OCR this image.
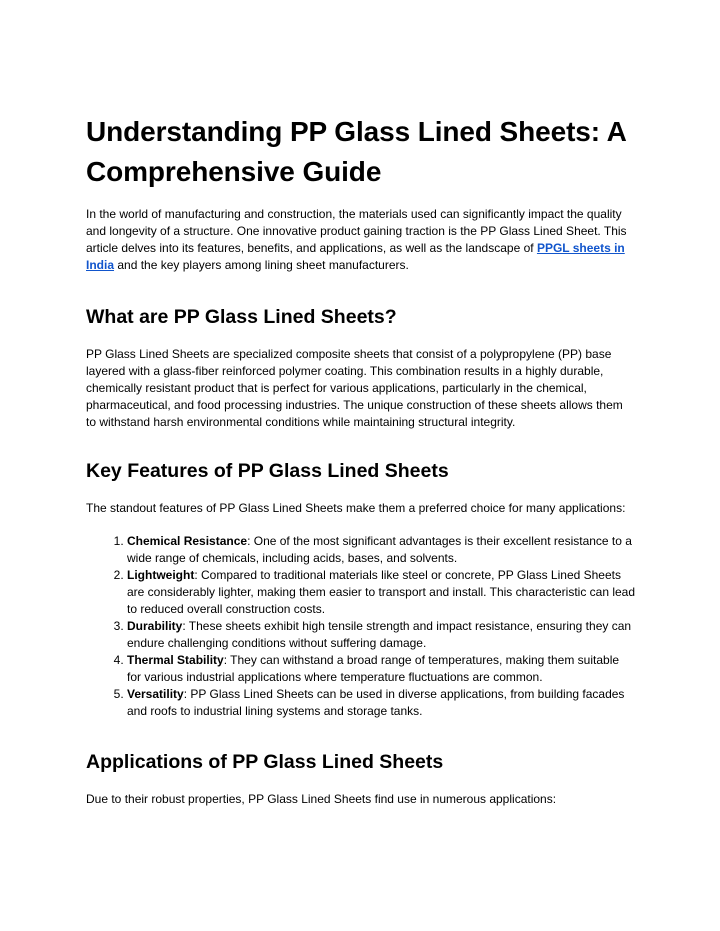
Understanding PP Glass Lined Sheets: A Comprehensive Guide

In the world of manufacturing and construction, the materials used can significantly impact the quality and longevity of a structure. One innovative product gaining traction is the PP Glass Lined Sheet. This article delves into its features, benefits, and applications, as well as the landscape of PPGL sheets in India and the key players among lining sheet manufacturers.

What are PP Glass Lined Sheets?

PP Glass Lined Sheets are specialized composite sheets that consist of a polypropylene (PP) base layered with a glass-fiber reinforced polymer coating. This combination results in a highly durable, chemically resistant product that is perfect for various applications, particularly in the chemical, pharmaceutical, and food processing industries. The unique construction of these sheets allows them to withstand harsh environmental conditions while maintaining structural integrity.

Key Features of PP Glass Lined Sheets

The standout features of PP Glass Lined Sheets make them a preferred choice for many applications:

1. Chemical Resistance: One of the most significant advantages is their excellent resistance to a wide range of chemicals, including acids, bases, and solvents.
2. Lightweight: Compared to traditional materials like steel or concrete, PP Glass Lined Sheets are considerably lighter, making them easier to transport and install. This characteristic can lead to reduced overall construction costs.
3. Durability: These sheets exhibit high tensile strength and impact resistance, ensuring they can endure challenging conditions without suffering damage.
4. Thermal Stability: They can withstand a broad range of temperatures, making them suitable for various industrial applications where temperature fluctuations are common.
5. Versatility: PP Glass Lined Sheets can be used in diverse applications, from building facades and roofs to industrial lining systems and storage tanks.
Applications of PP Glass Lined Sheets

Due to their robust properties, PP Glass Lined Sheets find use in numerous applications:
